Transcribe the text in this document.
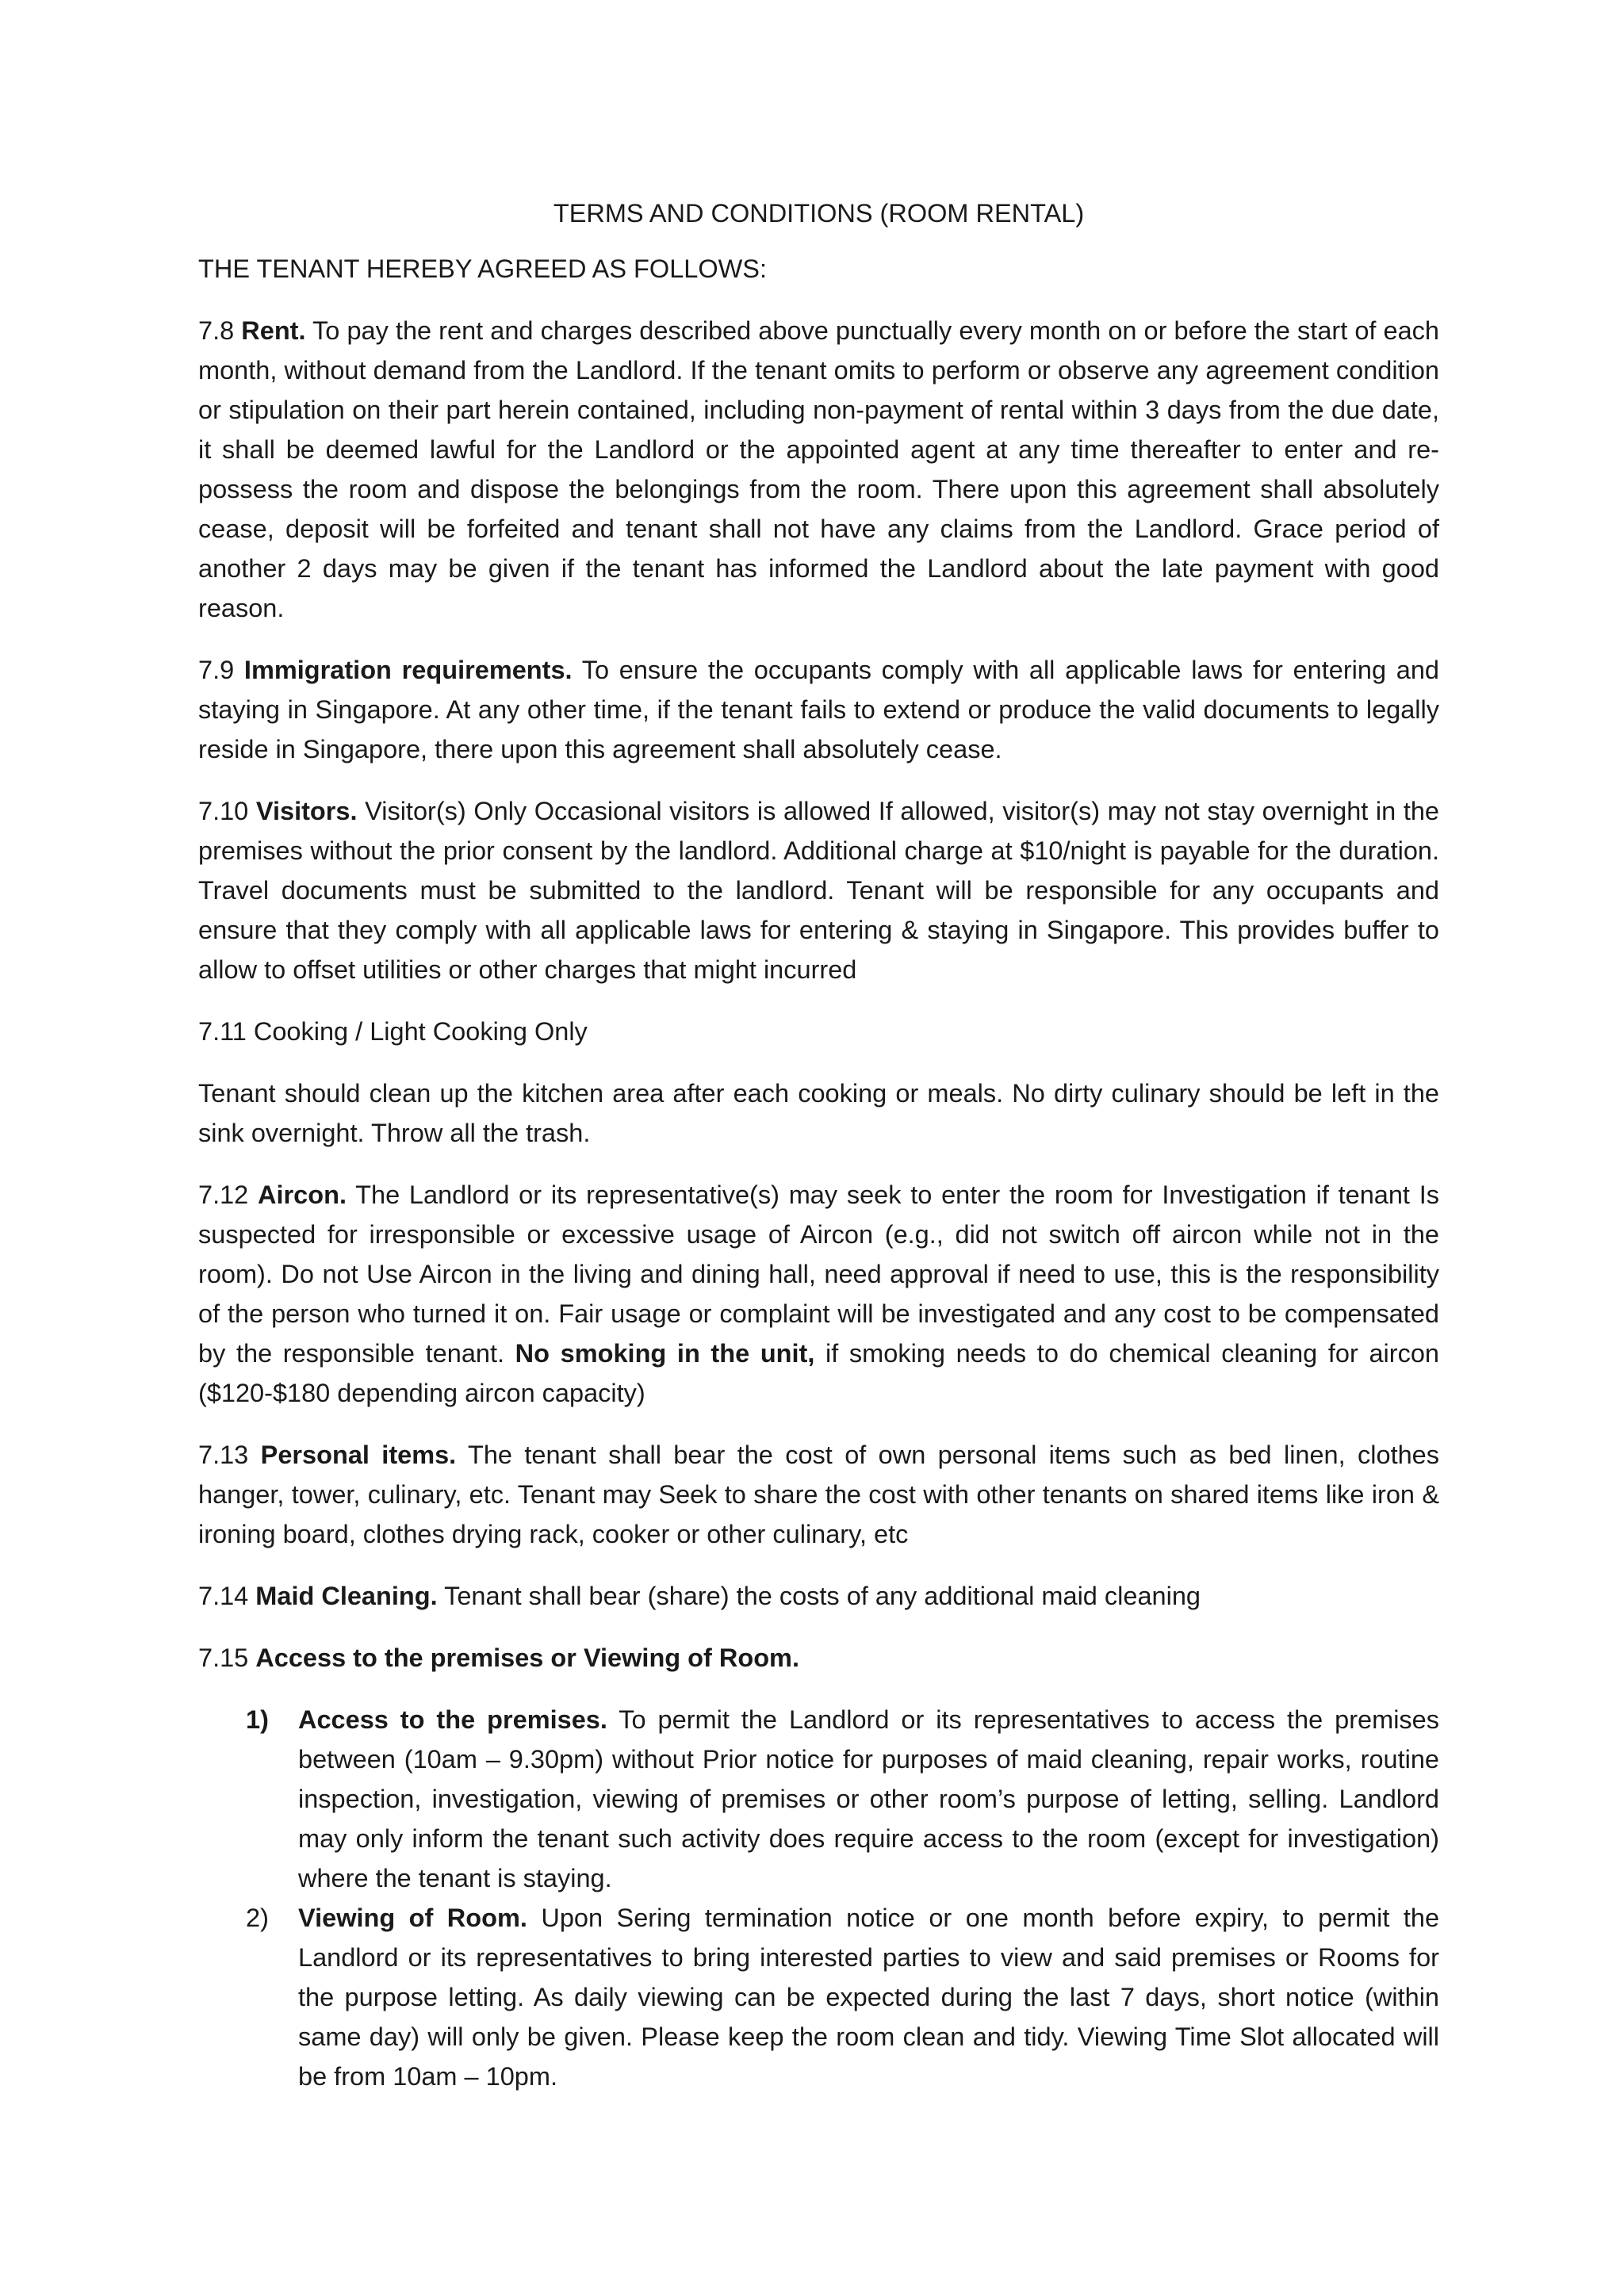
TERMS AND CONDITIONS (ROOM RENTAL)
THE TENANT HEREBY AGREED AS FOLLOWS:

7.8 Rent. To pay the rent and charges described above punctually every month on or before the start of each month, without demand from the Landlord. If the tenant omits to perform or observe any agreement condition or stipulation on their part herein contained, including non-payment of rental within 3 days from the due date, it shall be deemed lawful for the Landlord or the appointed agent at any time thereafter to enter and re-possess the room and dispose the belongings from the room. There upon this agreement shall absolutely cease, deposit will be forfeited and tenant shall not have any claims from the Landlord. Grace period of another 2 days may be given if the tenant has informed the Landlord about the late payment with good reason.

7.9 Immigration requirements. To ensure the occupants comply with all applicable laws for entering and staying in Singapore. At any other time, if the tenant fails to extend or produce the valid documents to legally reside in Singapore, there upon this agreement shall absolutely cease.

7.10 Visitors. Visitor(s) Only Occasional visitors is allowed If allowed, visitor(s) may not stay overnight in the premises without the prior consent by the landlord. Additional charge at $10/night is payable for the duration. Travel documents must be submitted to the landlord. Tenant will be responsible for any occupants and ensure that they comply with all applicable laws for entering & staying in Singapore. This provides buffer to allow to offset utilities or other charges that might incurred

7.11 Cooking / Light Cooking Only

Tenant should clean up the kitchen area after each cooking or meals. No dirty culinary should be left in the sink overnight. Throw all the trash.

7.12 Aircon. The Landlord or its representative(s) may seek to enter the room for Investigation if tenant Is suspected for irresponsible or excessive usage of Aircon (e.g., did not switch off aircon while not in the room). Do not Use Aircon in the living and dining hall, need approval if need to use, this is the responsibility of the person who turned it on. Fair usage or complaint will be investigated and any cost to be compensated by the responsible tenant. No smoking in the unit, if smoking needs to do chemical cleaning for aircon ($120-$180 depending aircon capacity)

7.13 Personal items. The tenant shall bear the cost of own personal items such as bed linen, clothes hanger, tower, culinary, etc. Tenant may Seek to share the cost with other tenants on shared items like iron & ironing board, clothes drying rack, cooker or other culinary, etc

7.14 Maid Cleaning. Tenant shall bear (share) the costs of any additional maid cleaning

7.15 Access to the premises or Viewing of Room.

1)	Access to the premises. To permit the Landlord or its representatives to access the premises between (10am – 9.30pm) without Prior notice for purposes of maid cleaning, repair works, routine inspection, investigation, viewing of premises or other room’s purpose of letting, selling. Landlord may only inform the tenant such activity does require access to the room (except for investigation) where the tenant is staying.
2)	Viewing of Room. Upon Sering termination notice or one month before expiry, to permit the Landlord or its representatives to bring interested parties to view and said premises or Rooms for the purpose letting. As daily viewing can be expected during the last 7 days, short notice (within same day) will only be given. Please keep the room clean and tidy. Viewing Time Slot allocated will be from 10am – 10pm.
